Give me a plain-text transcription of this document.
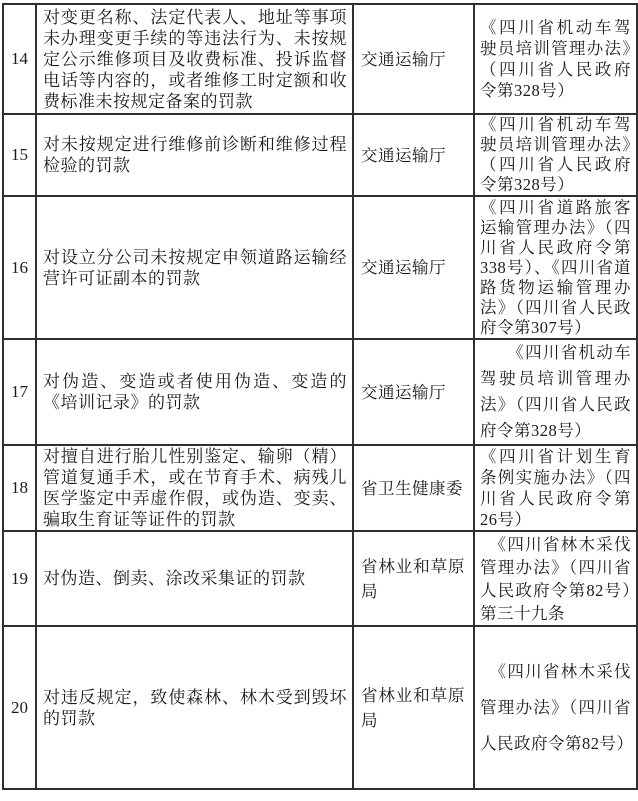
14	对变更名称、法定代表人、地址等事项未办理变更手续的等违法行为、未按规定公示维修项目及收费标准、投诉监督电话等内容的，或者维修工时定额和收费标准未按规定备案的罚款	交通运输厅	《四川省机动车驾驶员培训管理办法》（四川省人民政府令第328号）
15	对未按规定进行维修前诊断和维修过程检验的罚款	交通运输厅	《四川省机动车驾驶员培训管理办法》（四川省人民政府令第328号）
16	对设立分公司未按规定申领道路运输经营许可证副本的罚款	交通运输厅	《四川省道路旅客运输管理办法》（四川省人民政府令第338号）、《四川省道路货物运输管理办法》（四川省人民政府令第307号）
17	对伪造、变造或者使用伪造、变造的《培训记录》的罚款	交通运输厅	　　《四川省机动车驾驶员培训管理办法》（四川省人民政府令第328号）
18	对擅自进行胎儿性别鉴定、输卵（精）管道复通手术，或在节育手术、病残儿医学鉴定中弄虚作假，或伪造、变卖、骗取生育证等证件的罚款	省卫生健康委	《四川省计划生育条例实施办法》（四川省人民政府令第26号）
19	对伪造、倒卖、涂改采集证的罚款	省林业和草原局	　《四川省林木采伐管理办法》（四川省人民政府令第82号）第三十九条
20	对违反规定，致使森林、林木受到毁坏的罚款	省林业和草原局	　《四川省林木采伐管理办法》（四川省人民政府令第82号）
